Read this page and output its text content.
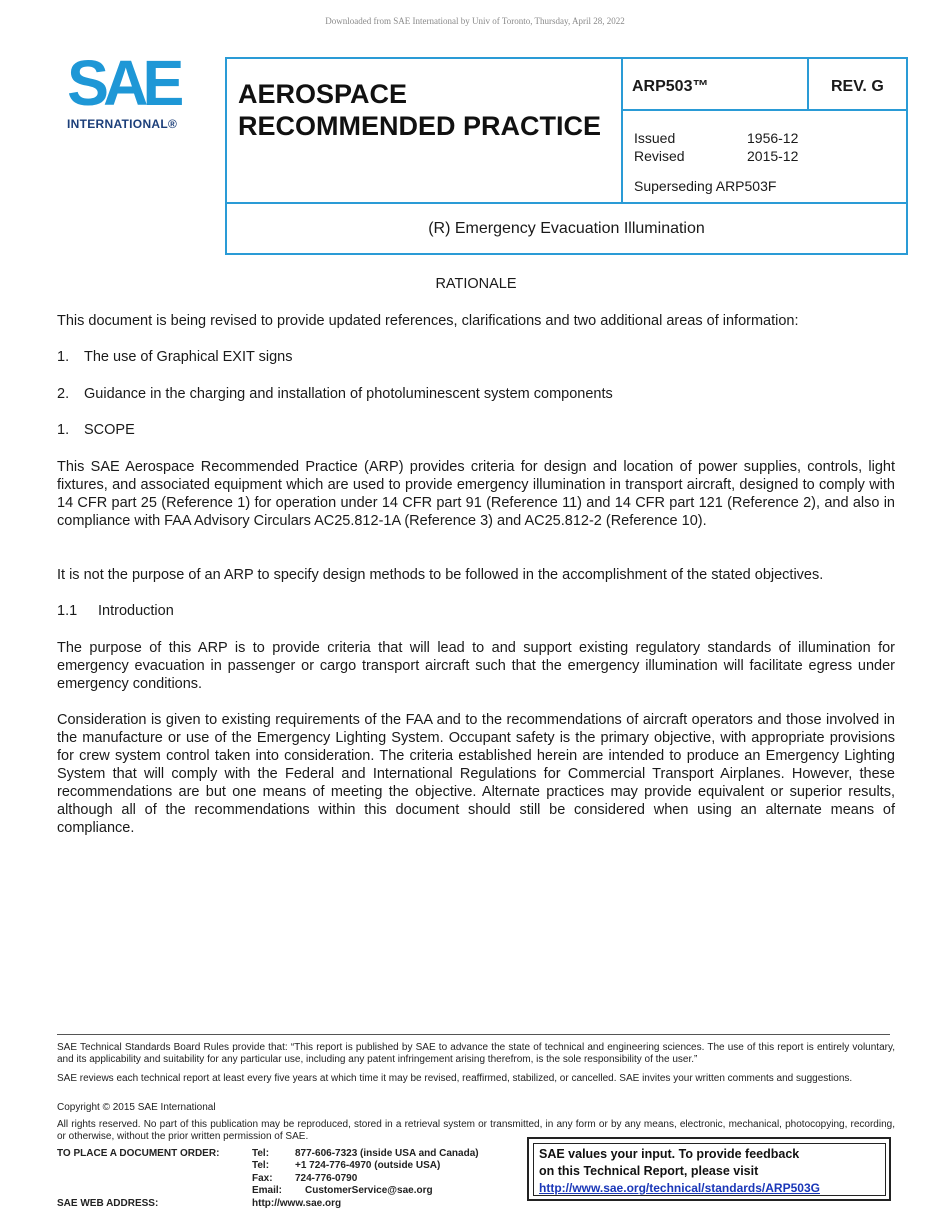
Downloaded from SAE International by Univ of Toronto, Thursday, April 28, 2022
SAE
INTERNATIONAL®
AEROSPACE
RECOMMENDED PRACTICE
ARP503™	REV. G
Issued	1956-12
Revised	2015-12
Superseding ARP503F
(R) Emergency Evacuation Illumination
RATIONALE
This document is being revised to provide updated references, clarifications and two additional areas of information:
1. The use of Graphical EXIT signs
2. Guidance in the charging and installation of photoluminescent system components
1. SCOPE
This SAE Aerospace Recommended Practice (ARP) provides criteria for design and location of power supplies, controls, light fixtures, and associated equipment which are used to provide emergency illumination in transport aircraft, designed to comply with 14 CFR part 25 (Reference 1) for operation under 14 CFR part 91 (Reference 11) and 14 CFR part 121 (Reference 2), and also in compliance with FAA Advisory Circulars AC25.812-1A (Reference 3) and AC25.812-2 (Reference 10).
It is not the purpose of an ARP to specify design methods to be followed in the accomplishment of the stated objectives.
1.1 Introduction
The purpose of this ARP is to provide criteria that will lead to and support existing regulatory standards of illumination for emergency evacuation in passenger or cargo transport aircraft such that the emergency illumination will facilitate egress under emergency conditions.
Consideration is given to existing requirements of the FAA and to the recommendations of aircraft operators and those involved in the manufacture or use of the Emergency Lighting System. Occupant safety is the primary objective, with appropriate provisions for crew system control taken into consideration. The criteria established herein are intended to produce an Emergency Lighting System that will comply with the Federal and International Regulations for Commercial Transport Airplanes. However, these recommendations are but one means of meeting the objective. Alternate practices may provide equivalent or superior results, although all of the recommendations within this document should still be considered when using an alternate means of compliance.
SAE Technical Standards Board Rules provide that: “This report is published by SAE to advance the state of technical and engineering sciences. The use of this report is entirely voluntary, and its applicability and suitability for any particular use, including any patent infringement arising therefrom, is the sole responsibility of the user.”
SAE reviews each technical report at least every five years at which time it may be revised, reaffirmed, stabilized, or cancelled. SAE invites your written comments and suggestions.
Copyright © 2015 SAE International
All rights reserved. No part of this publication may be reproduced, stored in a retrieval system or transmitted, in any form or by any means, electronic, mechanical, photocopying, recording, or otherwise, without the prior written permission of SAE.
TO PLACE A DOCUMENT ORDER:	Tel:	877-606-7323 (inside USA and Canada)
Tel:	+1 724-776-4970 (outside USA)
Fax: 724-776-0790
Email: CustomerService@sae.org
SAE WEB ADDRESS:	http://www.sae.org
SAE values your input. To provide feedback
on this Technical Report, please visit
http://www.sae.org/technical/standards/ARP503G
